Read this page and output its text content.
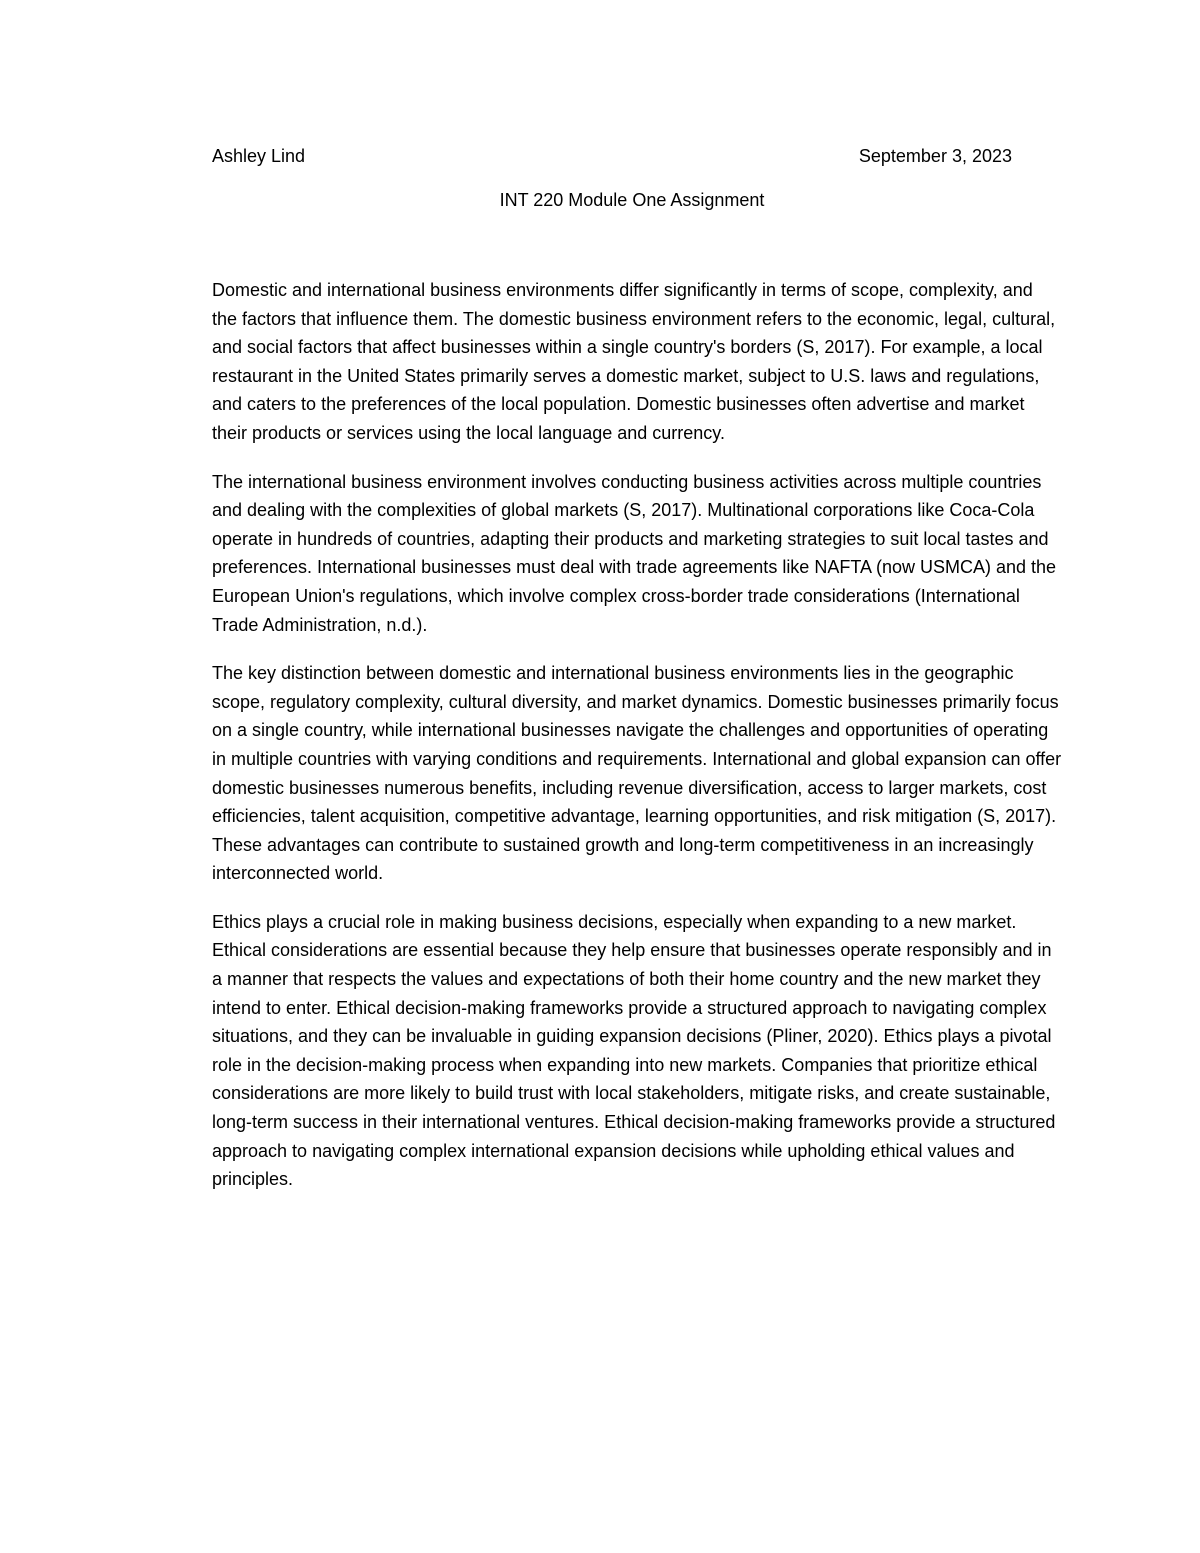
Ashley Lind	September 3, 2023
INT 220 Module One Assignment

Domestic and international business environments differ significantly in terms of scope, complexity, and the factors that influence them. The domestic business environment refers to the economic, legal, cultural, and social factors that affect businesses within a single country's borders (S, 2017). For example, a local restaurant in the United States primarily serves a domestic market, subject to U.S. laws and regulations, and caters to the preferences of the local population. Domestic businesses often advertise and market their products or services using the local language and currency.

The international business environment involves conducting business activities across multiple countries and dealing with the complexities of global markets (S, 2017). Multinational corporations like Coca-Cola operate in hundreds of countries, adapting their products and marketing strategies to suit local tastes and preferences. International businesses must deal with trade agreements like NAFTA (now USMCA) and the European Union's regulations, which involve complex cross-border trade considerations (International Trade Administration, n.d.).

The key distinction between domestic and international business environments lies in the geographic scope, regulatory complexity, cultural diversity, and market dynamics. Domestic businesses primarily focus on a single country, while international businesses navigate the challenges and opportunities of operating in multiple countries with varying conditions and requirements. International and global expansion can offer domestic businesses numerous benefits, including revenue diversification, access to larger markets, cost efficiencies, talent acquisition, competitive advantage, learning opportunities, and risk mitigation (S, 2017). These advantages can contribute to sustained growth and long-term competitiveness in an increasingly interconnected world.

Ethics plays a crucial role in making business decisions, especially when expanding to a new market. Ethical considerations are essential because they help ensure that businesses operate responsibly and in a manner that respects the values and expectations of both their home country and the new market they intend to enter. Ethical decision-making frameworks provide a structured approach to navigating complex situations, and they can be invaluable in guiding expansion decisions (Pliner, 2020). Ethics plays a pivotal role in the decision-making process when expanding into new markets. Companies that prioritize ethical considerations are more likely to build trust with local stakeholders, mitigate risks, and create sustainable, long-term success in their international ventures. Ethical decision-making frameworks provide a structured approach to navigating complex international expansion decisions while upholding ethical values and principles.
